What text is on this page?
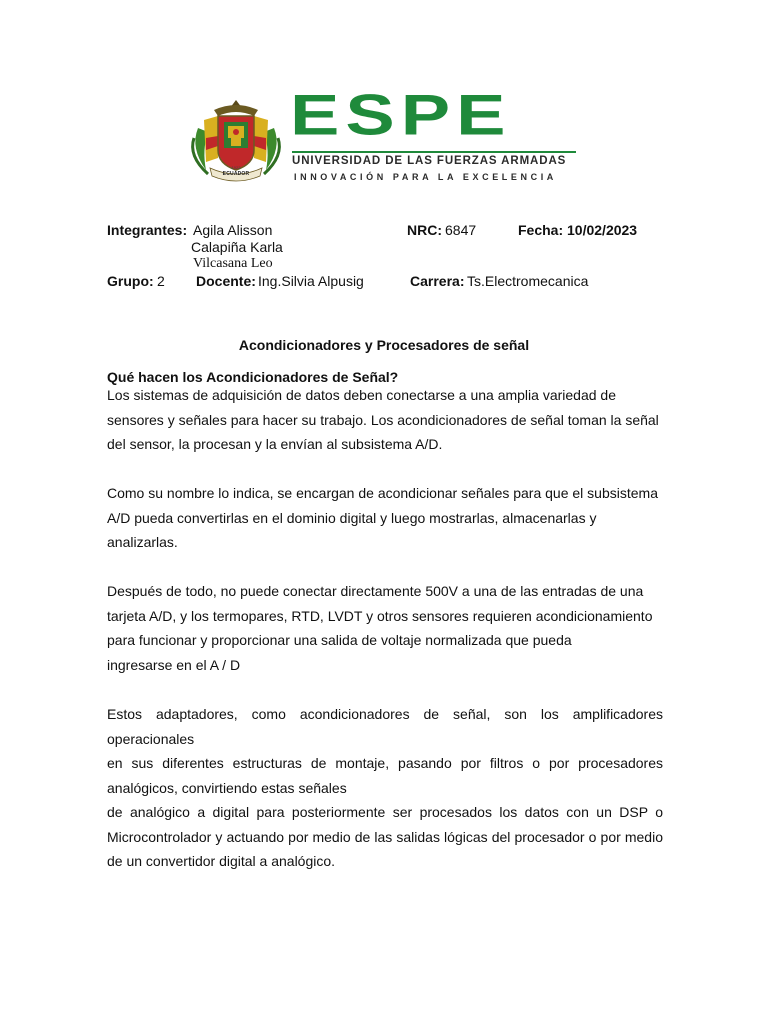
1922
ECUADOR
ESPE
UNIVERSIDAD DE LAS FUERZAS ARMADAS
INNOVACIÓN PARA LA EXCELENCIA
Integrantes: Agila Alisson
Calapiña Karla
Vilcasana Leo
NRC: 6847	Fecha: 10/02/2023
Grupo: 2 Docente: Ing.Silvia Alpusig	Carrera: Ts.Electromecanica
Acondicionadores y Procesadores de señal
Qué hacen los Acondicionadores de Señal?
Los sistemas de adquisición de datos deben conectarse a una amplia variedad de
sensores y señales para hacer su trabajo. Los acondicionadores de señal toman la señal
del sensor, la procesan y la envían al subsistema A/D.
Como su nombre lo indica, se encargan de acondicionar señales para que el subsistema
A/D pueda convertirlas en el dominio digital y luego mostrarlas, almacenarlas y
analizarlas.
Después de todo, no puede conectar directamente 500V a una de las entradas de una
tarjeta A/D, y los termopares, RTD, LVDT y otros sensores requieren acondicionamiento
para funcionar y proporcionar una salida de voltaje normalizada que pueda
ingresarse en el A / D
Estos adaptadores, como acondicionadores de señal, son los amplificadores operacionales
en sus diferentes estructuras de montaje, pasando por filtros o por procesadores
analógicos, convirtiendo estas señales
de analógico a digital para posteriormente ser procesados los datos con un DSP o
Microcontrolador y actuando por medio de las salidas lógicas del procesador o por medio
de un convertidor digital a analógico.
